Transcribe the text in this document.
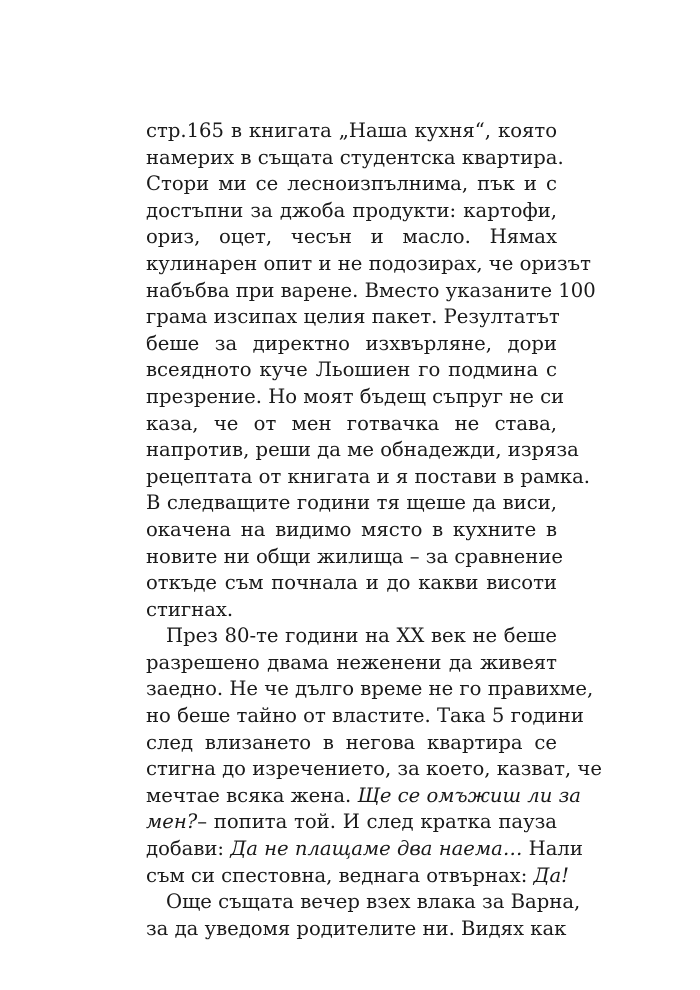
стр.165 в книгата „Наша кухня“, която
намерих в същата студентска квартира.
Стори ми се лесноизпълнима, пък и с
достъпни за джоба продукти: картофи,
ориз, оцет, чесън и масло. Нямах
кулинарен опит и не подозирах, че оризът
набъбва при варене. Вместо указаните 100
грама изсипах целия пакет. Резултатът
беше за директно изхвърляне, дори
всеядното куче Льошиен го подмина с
презрение. Но моят бъдещ съпруг не си
каза, че от мен готвачка не става,
напротив, реши да ме обнадежди, изряза
рецептата от книгата и я постави в рамка.
В следващите години тя щеше да виси,
окачена на видимо място в кухните в
новите ни общи жилища – за сравнение
откъде съм почнала и до какви висоти
стигнах.
През 80-те години на XX век не беше
разрешено двама неженени да живеят
заедно. Не че дълго време не го правихме,
но беше тайно от властите. Така 5 години
след влизането в негова квартира се
стигна до изречението, за което, казват, че
мечтае всяка жена. Ще се омъжиш ли за
мен?– попита той. И след кратка пауза
добави: Да не плащаме два наема… Нали
съм си спестовна, веднага отвърнах: Да!
Още същата вечер взех влака за Варна,
за да уведомя родителите ни. Видях как
